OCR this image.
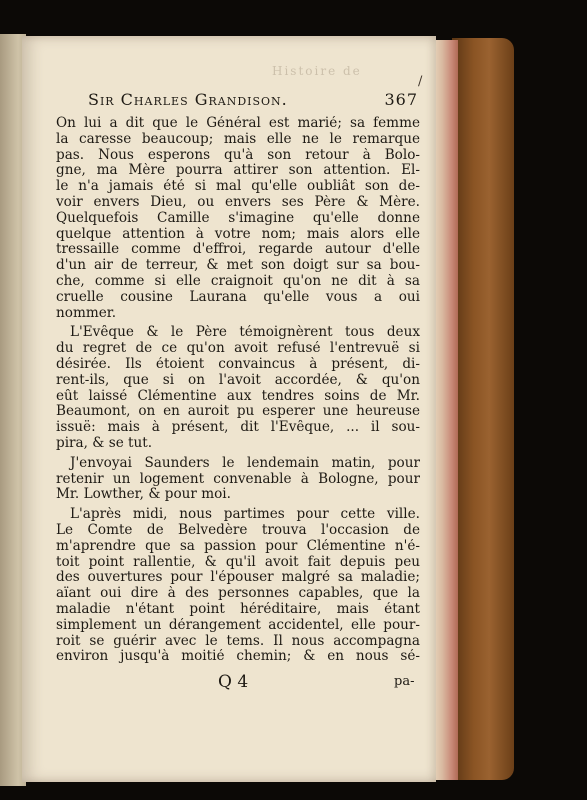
Histoire de
/
Sir Charles Grandison.	367
On lui a dit que le Général est marié; sa femme
la caresse beaucoup; mais elle ne le remarque
pas. Nous esperons qu'à son retour à Bolo-
gne, ma Mère pourra attirer son attention. El-
le n'a jamais été si mal qu'elle oubliât son de-
voir envers Dieu, ou envers ses Père & Mère.
Quelquefois Camille s'imagine qu'elle donne
quelque attention à votre nom; mais alors elle
tressaille comme d'effroi, regarde autour d'elle
d'un air de terreur, & met son doigt sur sa bou-
che, comme si elle craignoit qu'on ne dit à sa
cruelle cousine Laurana qu'elle vous a oui
nommer.
L'Evêque & le Père témoignèrent tous deux
du regret de ce qu'on avoit refusé l'entrevuë si
désirée. Ils étoient convaincus à présent, di-
rent-ils, que si on l'avoit accordée, & qu'on
eût laissé Clémentine aux tendres soins de Mr.
Beaumont, on en auroit pu esperer une heureuse
issuë: mais à présent, dit l'Evêque, ... il sou-
pira, & se tut.
J'envoyai Saunders le lendemain matin, pour
retenir un logement convenable à Bologne, pour
Mr. Lowther, & pour moi.
L'après midi, nous partimes pour cette ville.
Le Comte de Belvedère trouva l'occasion de
m'aprendre que sa passion pour Clémentine n'é-
toit point rallentie, & qu'il avoit fait depuis peu
des ouvertures pour l'épouser malgré sa maladie;
aïant oui dire à des personnes capables, que la
maladie n'étant point héréditaire, mais étant
simplement un dérangement accidentel, elle pour-
roit se guérir avec le tems. Il nous accompagna
environ jusqu'à moitié chemin; & en nous sé-
Q 4	pa-
